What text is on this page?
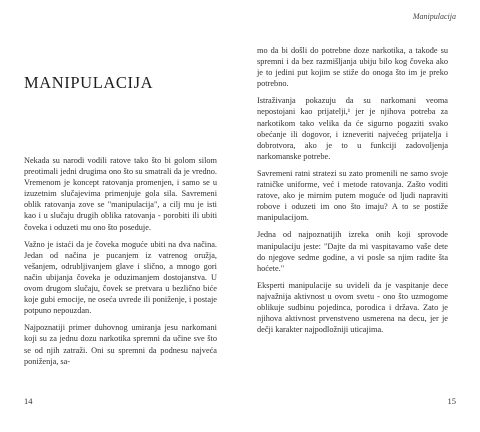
MANIPULACIJA

Nekada su narodi vodili ratove tako što bi golom silom preotimali jedni drugima ono što su smatrali da je vredno. Vremenom je koncept ratovanja promenjen, i samo se u izuzetnim slučajevima primenjuje gola sila. Savremeni oblik ratovanja zove se "manipulacija", a cilj mu je isti kao i u slučaju drugih oblika ratovanja - porobiti ili ubiti čoveka i oduzeti mu ono što poseduje.

Važno je istaći da je čoveka moguće ubiti na dva načina. Jedan od načina je pucanjem iz vatrenog oružja, vešanjem, odrubljivanjem glave i slično, a mnogo gori način ubijanja čoveka je oduzimanjem dostojanstva. U ovom drugom slučaju, čovek se pretvara u bezlično biće koje gubi emocije, ne oseća uvrede ili poniženje, i postaje potpuno nepouzdan.

Najpoznatiji primer duhovnog umiranja jesu narkomani koji su za jednu dozu narkotika spremni da učine sve što se od njih zatraži. Oni su spremni da podnesu najveća poniženja, sa-

14
Manipulacija

mo da bi došli do potrebne doze narkotika, a takođe su spremni i da bez razmišljanja ubiju bilo kog čoveka ako je to jedini put kojim se stiže do onoga što im je preko potrebno.

Istraživanja pokazuju da su narkomani veoma nepostojani kao prijatelji,¹ jer je njihova potreba za narkotikom tako velika da će sigurno pogaziti svako obećanje ili dogovor, i izneveriti najvećeg prijatelja i dobrotvora, ako je to u funkciji zadovoljenja narkomanske potrebe.

Savremeni ratni stratezi su zato promenili ne samo svoje ratničke uniforme, već i metode ratovanja. Zašto voditi ratove, ako je mirnim putem moguće od ljudi napraviti robove i oduzeti im ono što imaju? A to se postiže manipulacijom.

Jedna od najpoznatijih izreka onih koji sprovode manipulaciju jeste: "Dajte da mi vaspitavamo vaše dete do njegove sedme godine, a vi posle sa njim radite šta hoćete."

Eksperti manipulacije su uvideli da je vaspitanje dece najvažnija aktivnost u ovom svetu - ono što uzmogome oblikuje sudbinu pojedinca, porodica i država. Zato je njihova aktivnost prvenstveno usmerena na decu, jer je dečji karakter najpodložniji uticajima.

15
